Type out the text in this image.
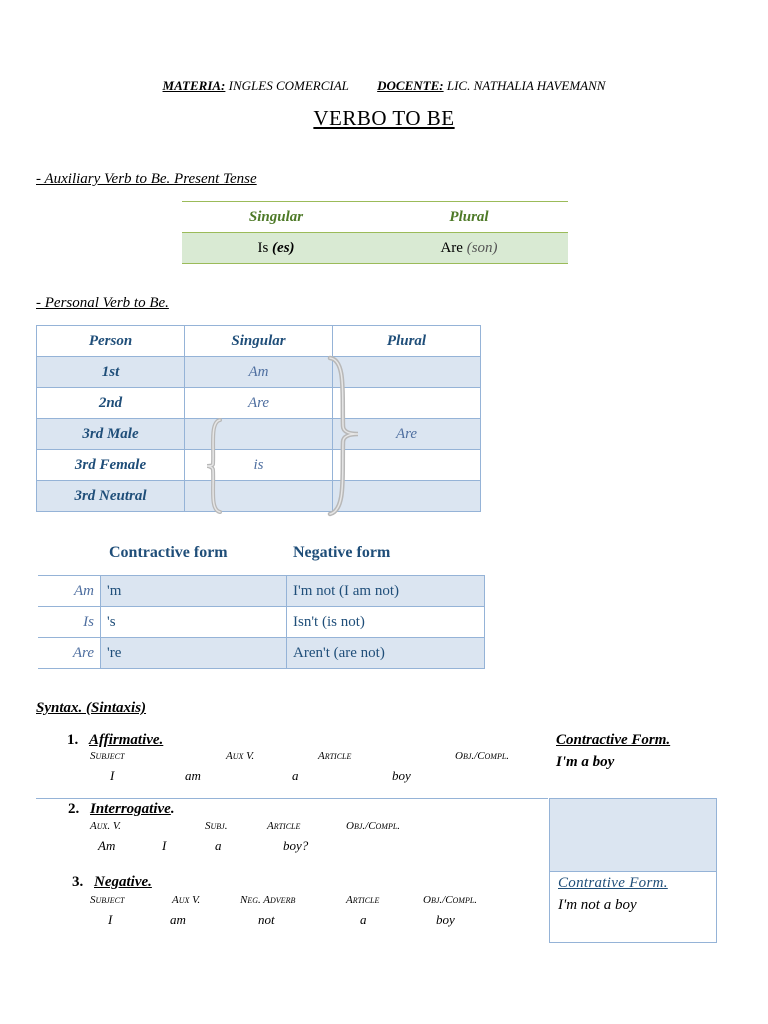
MATERIA: INGLES COMERCIAL DOCENTE: LIC. NATHALIA HAVEMANN
VERBO TO BE
- Auxiliary Verb to Be. Present Tense
Singular	Plural
Is (es)	Are (son)
- Personal Verb to Be.
Person	Singular	Plural
1st	Am	
2nd	Are	
3rd Male		Are
3rd Female	is	
3rd Neutral		
Contractive form	Negative form
Am	'm	I'm not (I am not)
Is	's	Isn't (is not)
Are	're	Aren't (are not)
Syntax. (Sintaxis)
1. Affirmative.
Subject	Aux V.	Article	Obj./Compl.
I	am	a	boy
Contractive Form.
I'm a boy
2. Interrogative.
Aux. V.	Subj.	Article	Obj./Compl.
Am	I	a	boy?
3. Negative.
Subject	Aux V.	Neg. Adverb	Article	Obj./Compl.
I	am	not	a	boy
Contrative Form.
I'm not a boy
